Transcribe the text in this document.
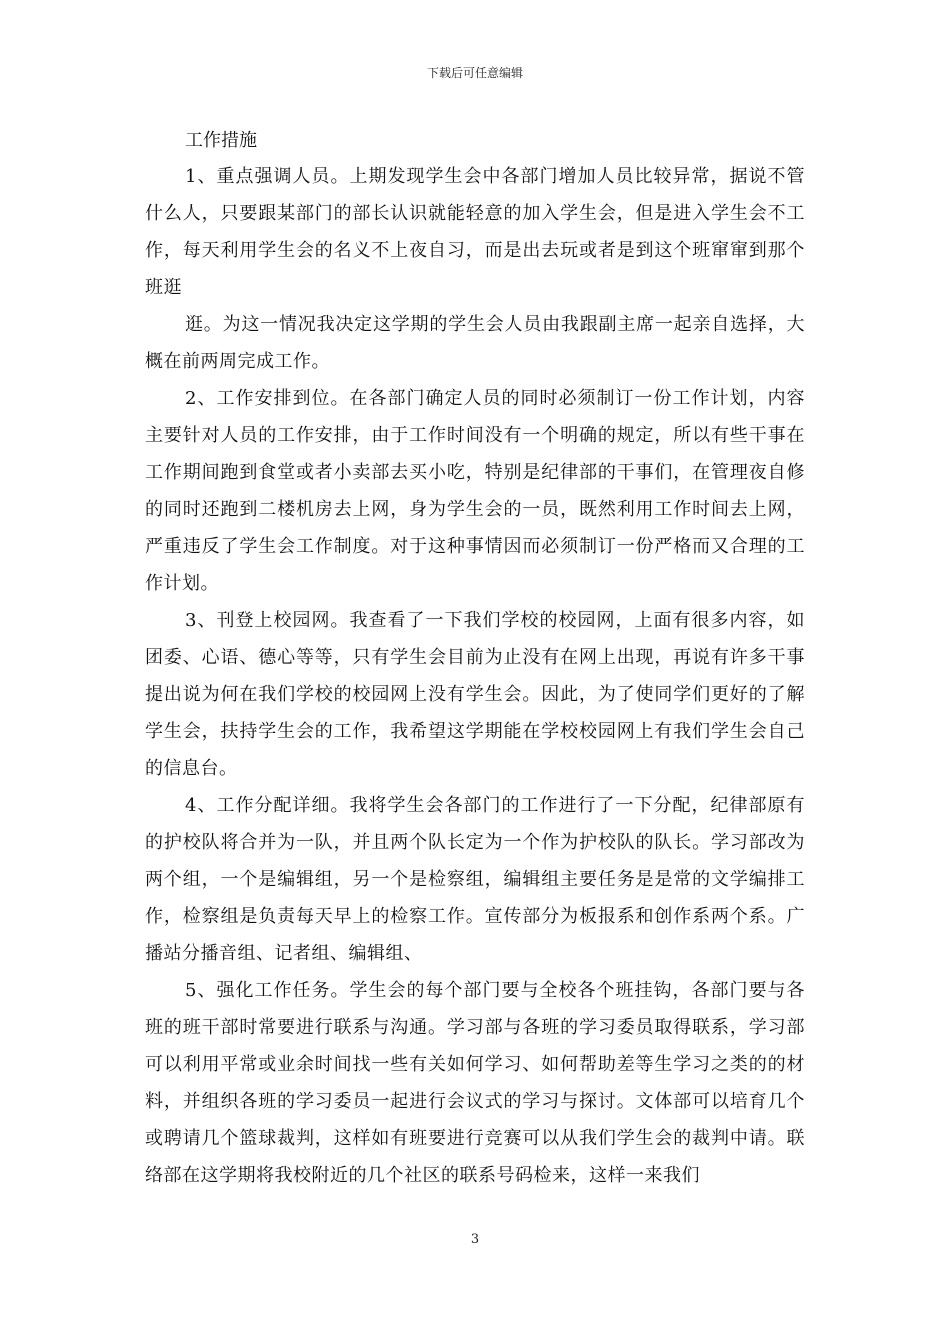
下载后可任意编辑

工作措施

1、重点强调人员。上期发现学生会中各部门增加人员比较异常，据说不管什么人，只要跟某部门的部长认识就能轻意的加入学生会，但是进入学生会不工作，每天利用学生会的名义不上夜自习，而是出去玩或者是到这个班窜窜到那个班逛

逛。为这一情况我决定这学期的学生会人员由我跟副主席一起亲自选择，大概在前两周完成工作。

2、工作安排到位。在各部门确定人员的同时必须制订一份工作计划，内容主要针对人员的工作安排，由于工作时间没有一个明确的规定，所以有些干事在工作期间跑到食堂或者小卖部去买小吃，特别是纪律部的干事们，在管理夜自修的同时还跑到二楼机房去上网，身为学生会的一员，既然利用工作时间去上网，严重违反了学生会工作制度。对于这种事情因而必须制订一份严格而又合理的工作计划。

3、刊登上校园网。我查看了一下我们学校的校园网，上面有很多内容，如团委、心语、德心等等，只有学生会目前为止没有在网上出现，再说有许多干事提出说为何在我们学校的校园网上没有学生会。因此，为了使同学们更好的了解学生会，扶持学生会的工作，我希望这学期能在学校校园网上有我们学生会自己的信息台。

4、工作分配详细。我将学生会各部门的工作进行了一下分配，纪律部原有的护校队将合并为一队，并且两个队长定为一个作为护校队的队长。学习部改为两个组，一个是编辑组，另一个是检察组，编辑组主要任务是是常的文学编排工作，检察组是负责每天早上的检察工作。宣传部分为板报系和创作系两个系。广播站分播音组、记者组、编辑组、

5、强化工作任务。学生会的每个部门要与全校各个班挂钩，各部门要与各班的班干部时常要进行联系与沟通。学习部与各班的学习委员取得联系，学习部可以利用平常或业余时间找一些有关如何学习、如何帮助差等生学习之类的的材料，并组织各班的学习委员一起进行会议式的学习与探讨。文体部可以培育几个或聘请几个篮球裁判，这样如有班要进行竞赛可以从我们学生会的裁判中请。联络部在这学期将我校附近的几个社区的联系号码检来，这样一来我们

3
